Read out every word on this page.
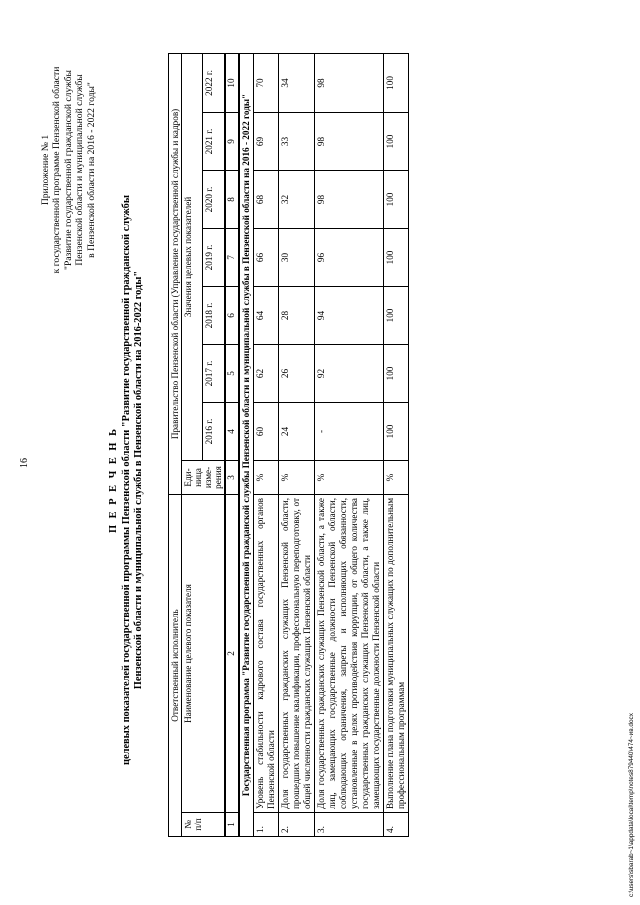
16
Приложение № 1 к государственной программе Пензенской области "Развитие государственной гражданской службы Пензенской области и муниципальной службы в Пензенской области на 2016 - 2022 годы"
П Е Р Е Ч Е Н Ь целевых показателей государственной программы Пензенской области "Развитие государственной гражданской службы Пензенской области и муниципальной службы в Пензенской области на 2016-2022 годы"	Ответственный исполнитель		Правительство Пензенской области (Управление государственной службы и кадров)							
№ п/п	Наименование целевого показателя	Еди-ница изме-рения	Значения целевых показателей						
			2016 г.	2017 г.	2018 г.	2019 г.	2020 г.	2021 г.	2022 г.
1	2	3	4	5	6	7	8	9	10
Государственная программа "Развитие государственной гражданской службы Пензенской области и муниципальной службы в Пензенской области на 2016 - 2022 годы"									
1.	Уровень стабильности кадрового состава государственных органов Пензенской области	%	60	62	64	66	68	69	70
2.	Доля государственных гражданских служащих Пензенской области, прошедших повышение квалификации, профессиональную переподготовку, от общей численности гражданских служащих Пензенской области	%	24	26	28	30	32	33	34
3.	Доля государственных гражданских служащих Пензенской области, а также лиц, замещающих государственные должности Пензенской области, соблюдающих ограничения, запреты и исполняющих обязанности, установленные в целях противодействия коррупции, от общего количества государственных гражданских служащих Пензенской области, а также лиц, замещающих государственные должности Пензенской области	%	-	92	94	96	98	98	98
4.	Выполнение плана подготовки муниципальных служащих по дополнительным профессиональным программам	%	100	100	100	100	100	100	100
c:\users\sbarab~1\appdata\local\temp\notes879440\474~ив.docx
